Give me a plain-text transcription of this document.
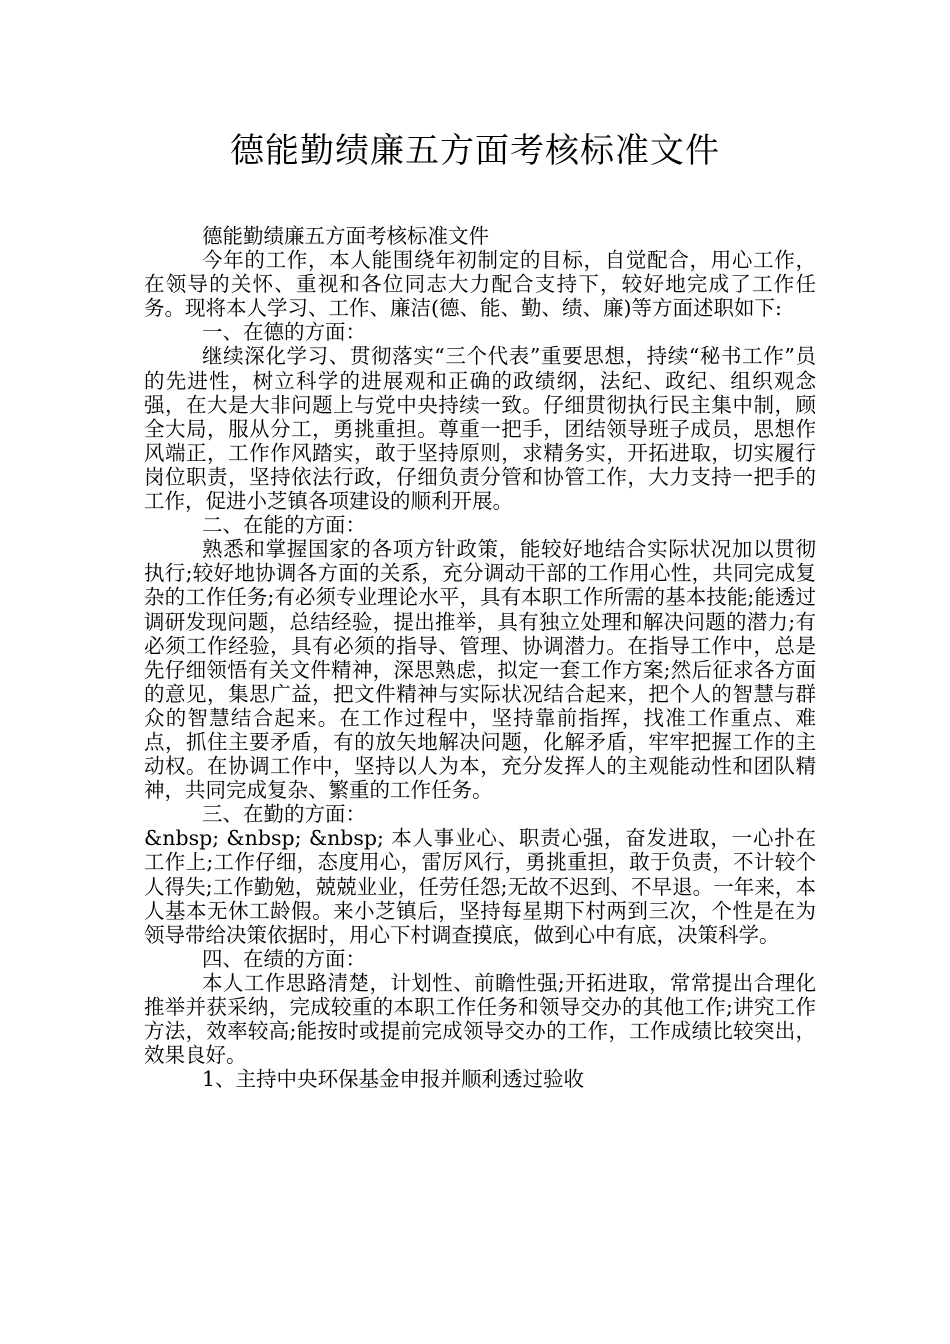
德能勤绩廉五方面考核标准文件

德能勤绩廉五方面考核标准文件

今年的工作，本人能围绕年初制定的目标，自觉配合，用心工作，在领导的关怀、重视和各位同志大力配合支持下，较好地完成了工作任务。现将本人学习、工作、廉洁(德、能、勤、绩、廉)等方面述职如下:

一、在德的方面：

继续深化学习、贯彻落实“三个代表”重要思想，持续“秘书工作”员的先进性，树立科学的进展观和正确的政绩纲，法纪、政纪、组织观念强，在大是大非问题上与党中央持续一致。仔细贯彻执行民主集中制，顾全大局，服从分工，勇挑重担。尊重一把手，团结领导班子成员，思想作风端正，工作作风踏实，敢于坚持原则，求精务实，开拓进取，切实履行岗位职责，坚持依法行政，仔细负责分管和协管工作，大力支持一把手的工作，促进小芝镇各项建设的顺利开展。

二、在能的方面：

熟悉和掌握国家的各项方针政策，能较好地结合实际状况加以贯彻执行;较好地协调各方面的关系，充分调动干部的工作用心性，共同完成复杂的工作任务;有必须专业理论水平，具有本职工作所需的基本技能;能透过调研发现问题，总结经验，提出推举，具有独立处理和解决问题的潜力;有必须工作经验，具有必须的指导、管理、协调潜力。在指导工作中，总是先仔细领悟有关文件精神，深思熟虑，拟定一套工作方案;然后征求各方面的意见，集思广益，把文件精神与实际状况结合起来，把个人的智慧与群众的智慧结合起来。在工作过程中，坚持靠前指挥，找准工作重点、难点，抓住主要矛盾，有的放矢地解决问题，化解矛盾，牢牢把握工作的主动权。在协调工作中，坚持以人为本，充分发挥人的主观能动性和团队精神，共同完成复杂、繁重的工作任务。

三、在勤的方面：

&nbsp; &nbsp; &nbsp; 本人事业心、职责心强，奋发进取，一心扑在工作上;工作仔细，态度用心，雷厉风行，勇挑重担，敢于负责，不计较个人得失;工作勤勉，兢兢业业，任劳任怨;无故不迟到、不早退。一年来，本人基本无休工龄假。来小芝镇后，坚持每星期下村两到三次，个性是在为领导带给决策依据时，用心下村调查摸底，做到心中有底，决策科学。

四、在绩的方面：

本人工作思路清楚，计划性、前瞻性强;开拓进取，常常提出合理化推举并获采纳，完成较重的本职工作任务和领导交办的其他工作;讲究工作方法，效率较高;能按时或提前完成领导交办的工作，工作成绩比较突出，效果良好。

1、主持中央环保基金申报并顺利透过验收
